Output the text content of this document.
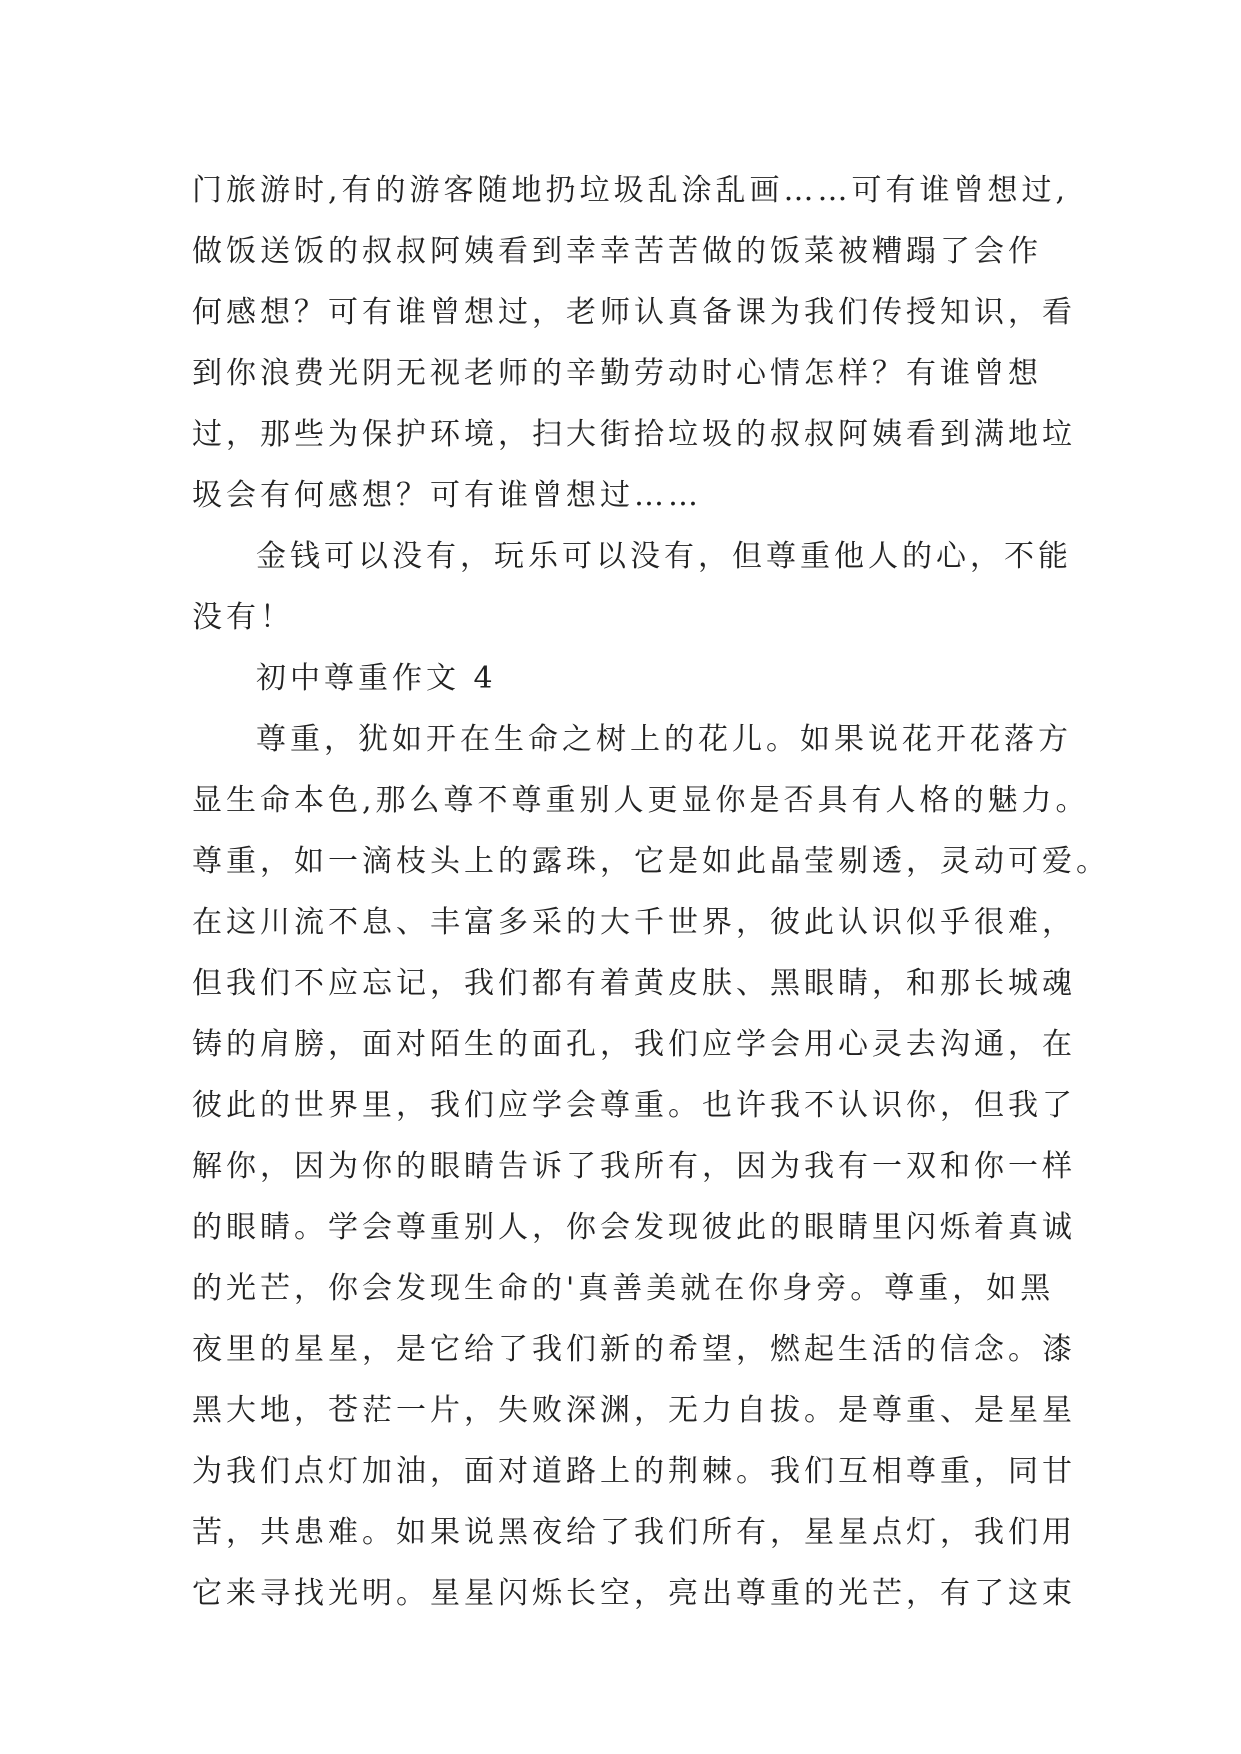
门旅游时,有的游客随地扔垃圾乱涂乱画……可有谁曾想过,
做饭送饭的叔叔阿姨看到幸幸苦苦做的饭菜被糟蹋了会作
何感想？可有谁曾想过，老师认真备课为我们传授知识，看
到你浪费光阴无视老师的辛勤劳动时心情怎样？有谁曾想
过，那些为保护环境，扫大街拾垃圾的叔叔阿姨看到满地垃
圾会有何感想？可有谁曾想过……
金钱可以没有，玩乐可以没有，但尊重他人的心，不能
没有！
初中尊重作文 4
尊重，犹如开在生命之树上的花儿。如果说花开花落方
显生命本色,那么尊不尊重别人更显你是否具有人格的魅力。
尊重，如一滴枝头上的露珠，它是如此晶莹剔透，灵动可爱。
在这川流不息、丰富多采的大千世界，彼此认识似乎很难，
但我们不应忘记，我们都有着黄皮肤、黑眼睛，和那长城魂
铸的肩膀，面对陌生的面孔，我们应学会用心灵去沟通，在
彼此的世界里，我们应学会尊重。也许我不认识你，但我了
解你，因为你的眼睛告诉了我所有，因为我有一双和你一样
的眼睛。学会尊重别人，你会发现彼此的眼睛里闪烁着真诚
的光芒，你会发现生命的'真善美就在你身旁。尊重，如黑
夜里的星星，是它给了我们新的希望，燃起生活的信念。漆
黑大地，苍茫一片，失败深渊，无力自拔。是尊重、是星星
为我们点灯加油，面对道路上的荆棘。我们互相尊重，同甘
苦，共患难。如果说黑夜给了我们所有，星星点灯，我们用
它来寻找光明。星星闪烁长空，亮出尊重的光芒，有了这束
